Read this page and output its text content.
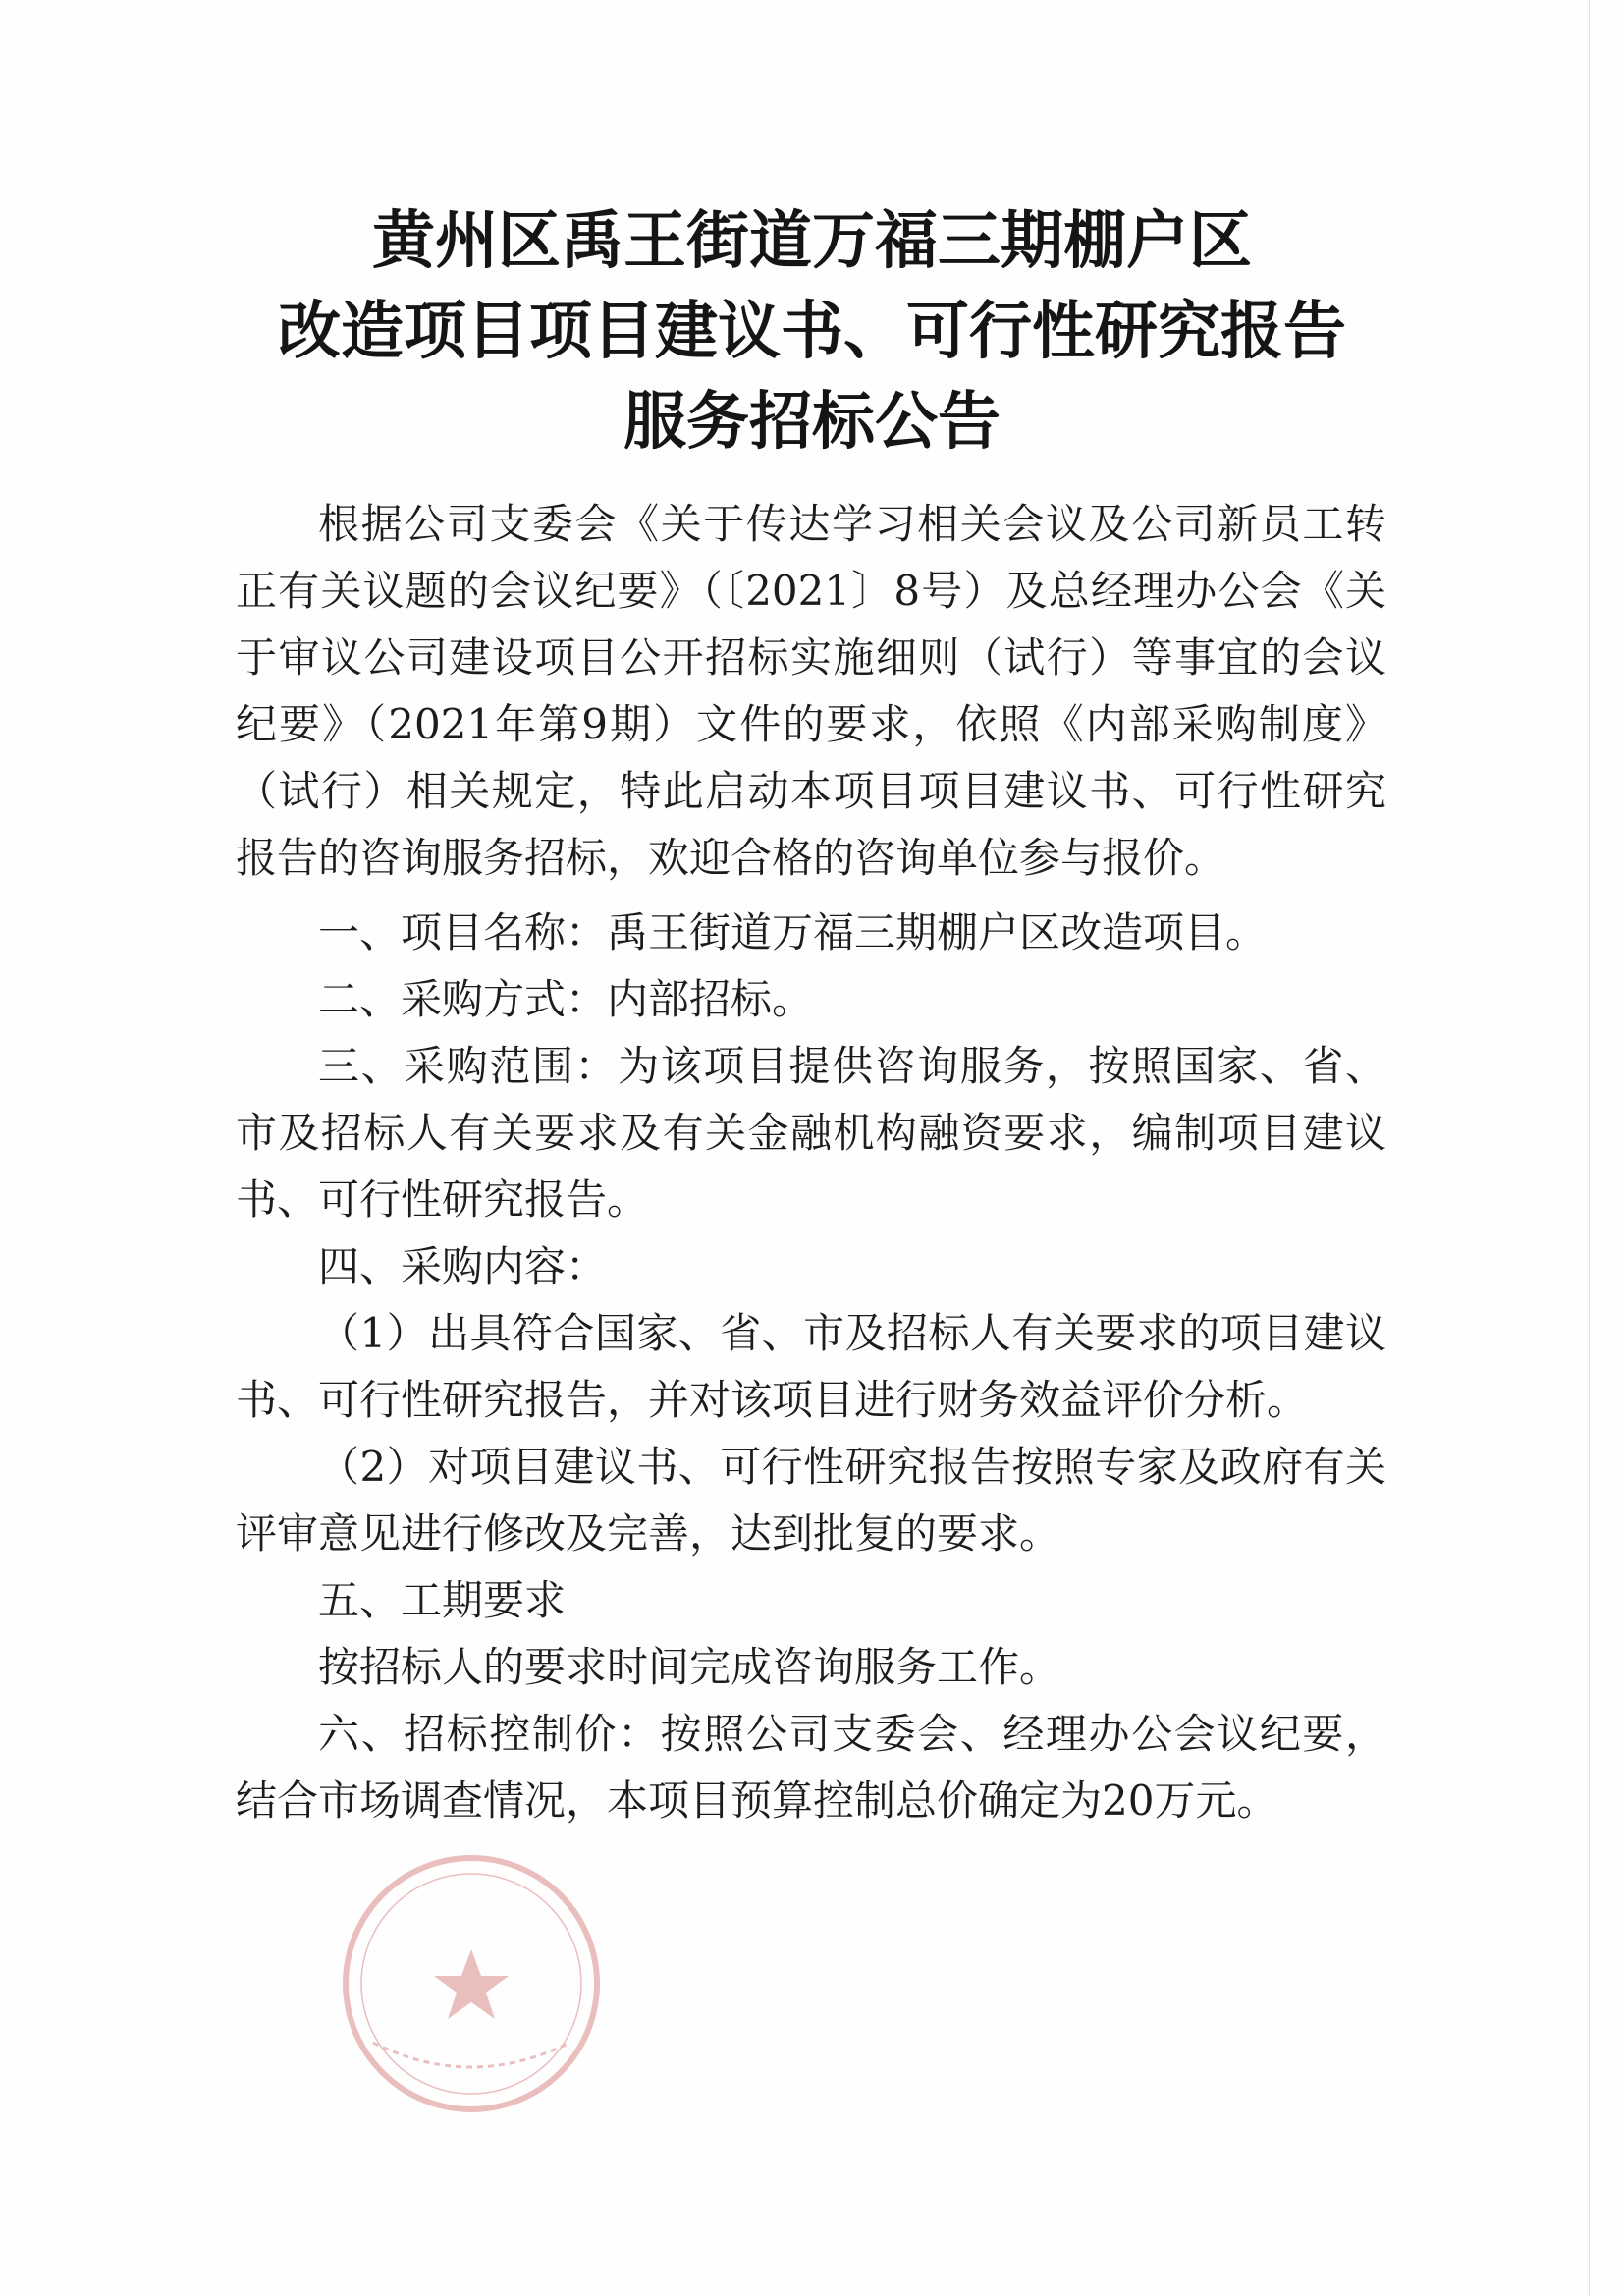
黄州区禹王街道万福三期棚户区
改造项目项目建议书、可行性研究报告
服务招标公告

根据公司支委会《关于传达学习相关会议及公司新员工转正有关议题的会议纪要》（〔2021〕8号）及总经理办公会《关于审议公司建设项目公开招标实施细则（试行）等事宜的会议纪要》（2021年第9期）文件的要求，依照《内部采购制度》（试行）相关规定，特此启动本项目项目建议书、可行性研究报告的咨询服务招标，欢迎合格的咨询单位参与报价。

一、项目名称：禹王街道万福三期棚户区改造项目。

二、采购方式：内部招标。

三、采购范围：为该项目提供咨询服务，按照国家、省、市及招标人有关要求及有关金融机构融资要求，编制项目建议书、可行性研究报告。

四、采购内容：

（1）出具符合国家、省、市及招标人有关要求的项目建议书、可行性研究报告，并对该项目进行财务效益评价分析。

（2）对项目建议书、可行性研究报告按照专家及政府有关评审意见进行修改及完善，达到批复的要求。

五、工期要求

按招标人的要求时间完成咨询服务工作。

六、招标控制价：按照公司支委会、经理办公会议纪要，结合市场调查情况，本项目预算控制总价确定为20万元。
